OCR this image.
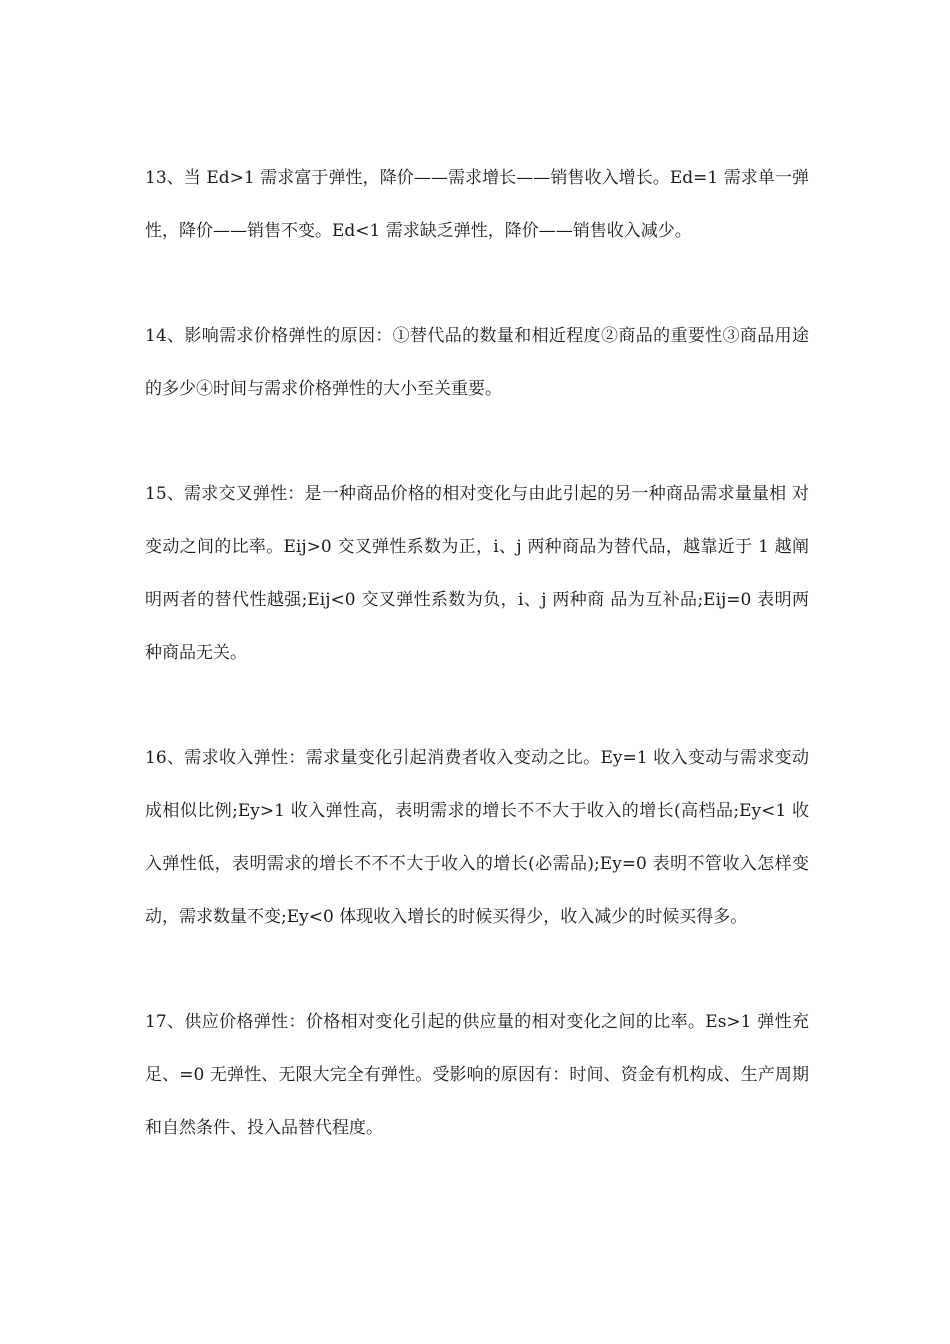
13、当 Ed>1 需求富于弹性，降价——需求增长——销售收入增长。Ed=1 需求单一弹性，降价——销售不变。Ed<1 需求缺乏弹性，降价——销售收入减少。

14、影响需求价格弹性的原因：①替代品的数量和相近程度②商品的重要性③商品用途的多少④时间与需求价格弹性的大小至关重要。

15、需求交叉弹性：是一种商品价格的相对变化与由此引起的另一种商品需求量量相 对变动之间的比率。Eij>0 交叉弹性系数为正，i、j 两种商品为替代品，越靠近于 1 越阐明两者的替代性越强;Eij<0 交叉弹性系数为负，i、j 两种商 品为互补品;Eij=0 表明两种商品无关。

16、需求收入弹性：需求量变化引起消费者收入变动之比。Ey=1 收入变动与需求变动成相似比例;Ey>1 收入弹性高，表明需求的增长不不大于收入的增长(高档品;Ey<1 收入弹性低，表明需求的增长不不不大于收入的增长(必需品);Ey=0 表明不管收入怎样变动，需求数量不变;Ey<0 体现收入增长的时候买得少，收入减少的时候买得多。

17、供应价格弹性：价格相对变化引起的供应量的相对变化之间的比率。Es>1 弹性充足、=0 无弹性、无限大完全有弹性。受影响的原因有：时间、资金有机构成、生产周期和自然条件、投入品替代程度。
